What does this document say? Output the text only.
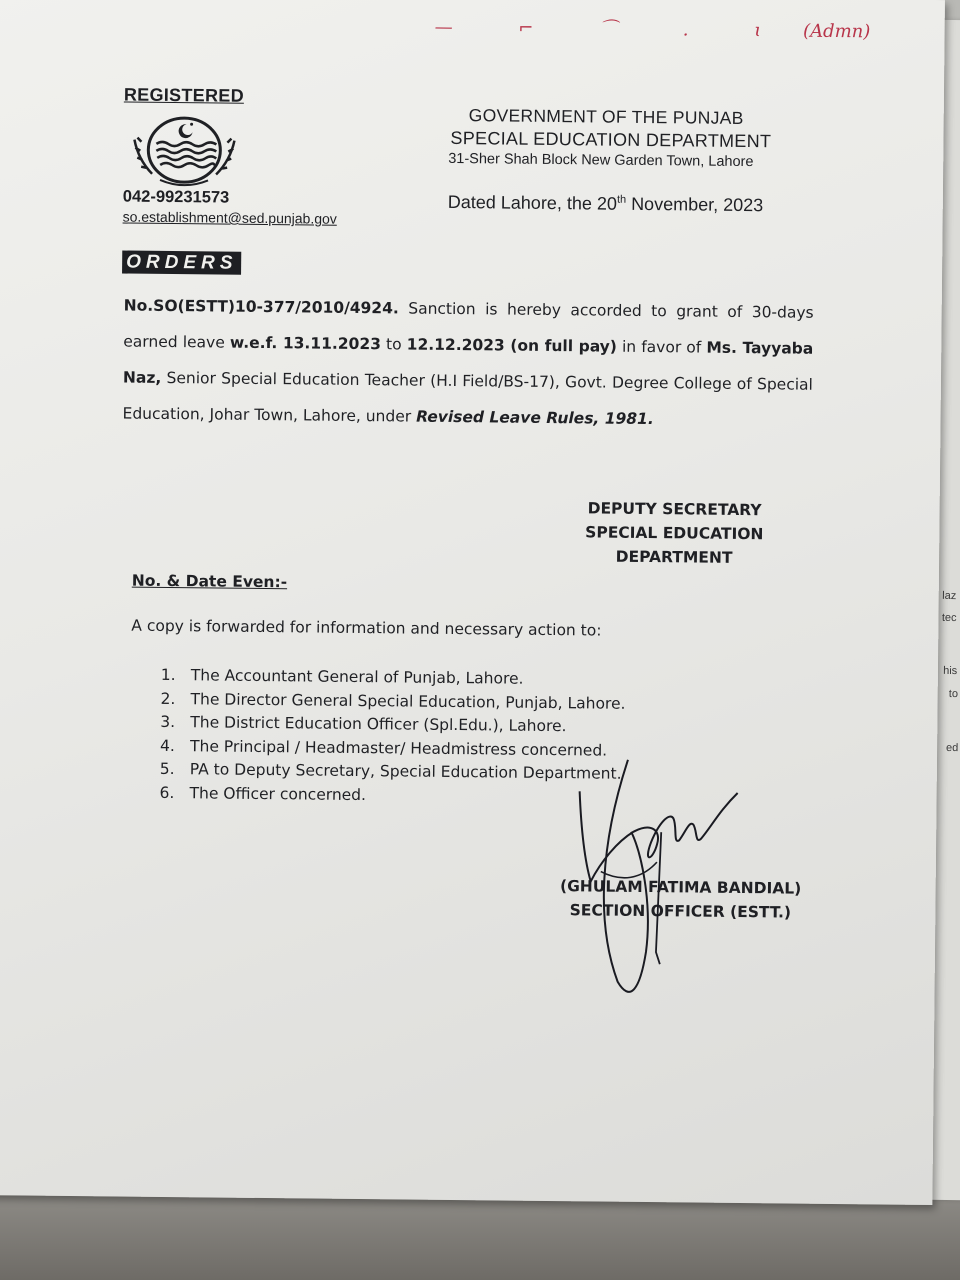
laz
tec
his
to
ed
— ⌐ ⌒ . ɩ (Admn)
REGISTERED
042-99231573
so.establishment@sed.punjab.gov
GOVERNMENT OF THE PUNJAB
SPECIAL EDUCATION DEPARTMENT
31-Sher Shah Block New Garden Town, Lahore
Dated Lahore, the 20th November, 2023
ORDERS
No.SO(ESTT)10-377/2010/4924. Sanction is hereby accorded to grant of 30-days earned leave w.e.f. 13.11.2023 to 12.12.2023 (on full pay) in favor of Ms. Tayyaba Naz, Senior Special Education Teacher (H.I Field/BS-17), Govt. Degree College of Special Education, Johar Town, Lahore, under Revised Leave Rules, 1981.
DEPUTY SECRETARY
SPECIAL EDUCATION
DEPARTMENT
No. & Date Even:-
A copy is forwarded for information and necessary action to:
1. The Accountant General of Punjab, Lahore.
2. The Director General Special Education, Punjab, Lahore.
3. The District Education Officer (Spl.Edu.), Lahore.
4. The Principal / Headmaster/ Headmistress concerned.
5. PA to Deputy Secretary, Special Education Department.
6. The Officer concerned.
(GHULAM FATIMA BANDIAL)
SECTION OFFICER (ESTT.)
